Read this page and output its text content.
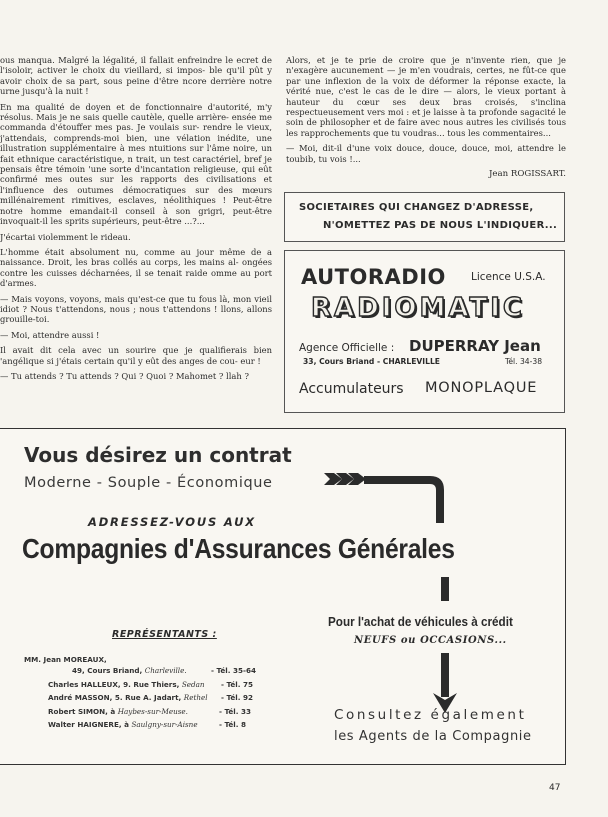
ous manqua. Malgré la légalité, il fallait enfreindre le ecret de l'isoloir, activer le choix du vieillard, si impos- ble qu'il pût y avoir choix de sa part, sous peine d'être ncore derrière notre urne jusqu'à la nuit !

En ma qualité de doyen et de fonctionnaire d'autorité, m'y résolus. Mais je ne sais quelle cautèle, quelle arrière- ensée me commanda d'étouffer mes pas. Je voulais sur- rendre le vieux, j'attendais, comprends-moi bien, une vélation inédite, une illustration supplémentaire à mes ntuitions sur l'âme noire, un fait ethnique caractéristique, n trait, un test caractériel, bref je pensais être témoin 'une sorte d'incantation religieuse, qui eût confirmé mes outes sur les rapports des civilisations et l'influence des outumes démocratiques sur des mœurs millénairement rimitives, esclaves, néolithiques ! Peut-être notre homme emandait-il conseil à son grigri, peut-être invoquait-il les sprits supérieurs, peut-être ...?...

J'écartai violemment le rideau.

L'homme était absolument nu, comme au jour même de a naissance. Droit, les bras collés au corps, les mains al- ongées contre les cuisses décharnées, il se tenait raide omme au port d'armes.

— Mais voyons, voyons, mais qu'est-ce que tu fous là, mon vieil idiot ? Nous t'attendons, nous ; nous t'attendons ! llons, allons grouille-toi.

— Moi, attendre aussi !

Il avait dit cela avec un sourire que je qualifierais bien 'angélique si j'étais certain qu'il y eût des anges de cou- eur !

— Tu attends ? Tu attends ? Qui ? Quoi ? Mahomet ? llah ?

Alors, et je te prie de croire que je n'invente rien, que je n'exagère aucunement — je m'en voudrais, certes, ne fût-ce que par une inflexion de la voix de déformer la réponse exacte, la vérité nue, c'est le cas de le dire — alors, le vieux portant à hauteur du cœur ses deux bras croisés, s'inclina respectueusement vers moi : et je laisse à ta profonde sagacité le soin de philosopher et de faire avec nous autres les civilisés tous les rapprochements que tu voudras... tous les commentaires...

— Moi, dit-il d'une voix douce, douce, douce, moi, attendre le toubib, tu vois !...

Jean ROGISSART.

SOCIETAIRES QUI CHANGEZ D'ADRESSE,
N'OMETTEZ PAS DE NOUS L'INDIQUER...
AUTORADIO Licence U.S.A.
RADIOMATIC
Agence Officielle : DUPERRAY Jean
33, Cours Briand - CHARLEVILLE	Tél. 34-38
Accumulateurs MONOPLAQUE
Vous désirez un contrat
Moderne - Souple - Économique
ADRESSEZ-VOUS AUX
Compagnies d'Assurances Générales
Pour l'achat de véhicules à crédit
NEUFS ou OCCASIONS...
REPRÉSENTANTS :
MM. Jean MOREAUX,
49, Cours Briand, Charleville.	- Tél. 35-64
Charles HALLEUX, 9. Rue Thiers, Sedan - Tél. 75
André MASSON, 5. Rue A. Jadart, Rethel - Tél. 92
Robert SIMON, à Haybes-sur-Meuse.	- Tél. 33
Walter HAIGNERE, à Saulgny-sur-Aisne	- Tél. 8
Consultez également
les Agents de la Compagnie
47
